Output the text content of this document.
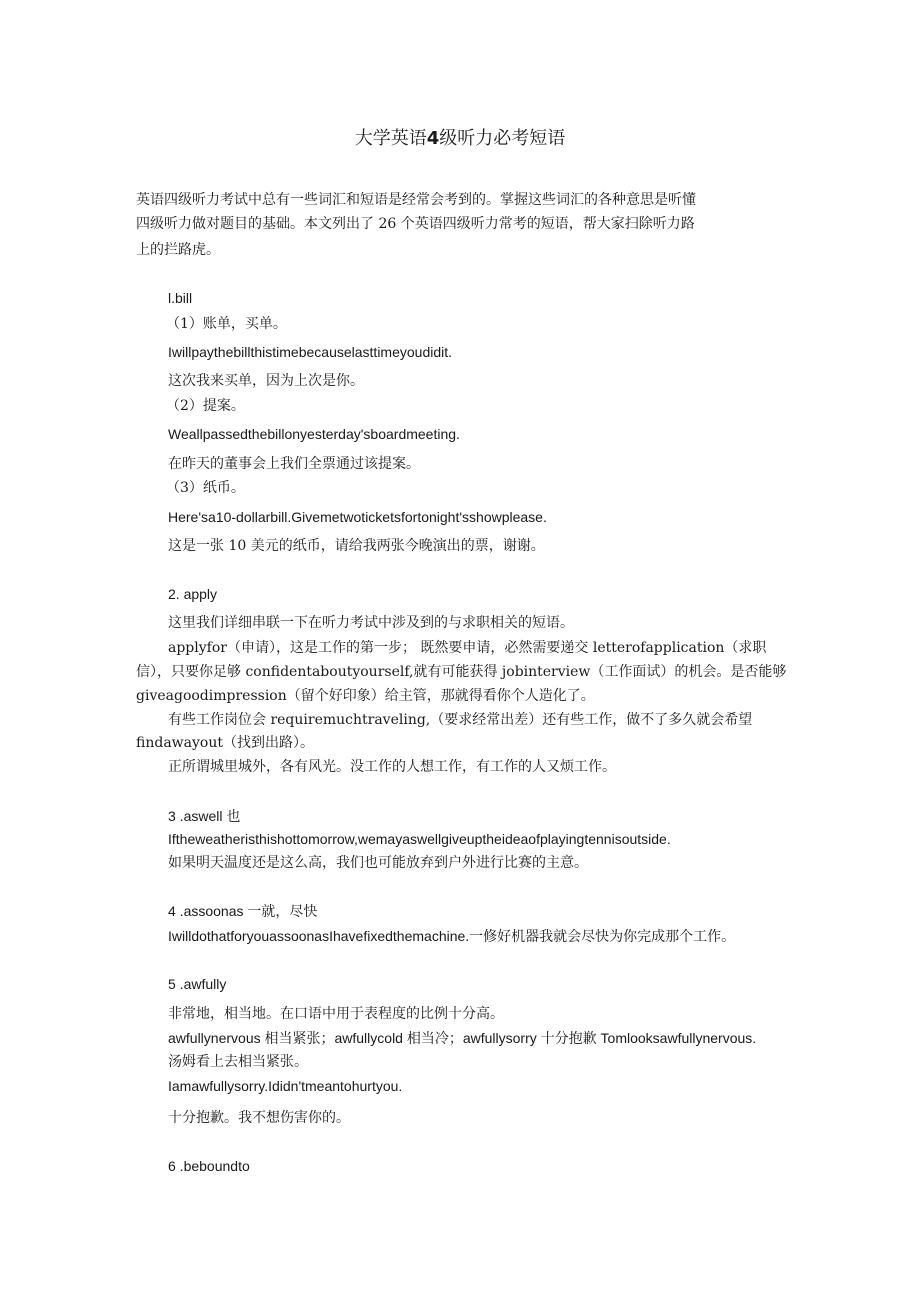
大学英语4级听力必考短语
英语四级听力考试中总有一些词汇和短语是经常会考到的。掌握这些词汇的各种意思是听懂
四级听力做对题目的基础。本文列出了 26 个英语四级听力常考的短语，帮大家扫除听力路
上的拦路虎。
l.bill
（1）账单，买单。
Iwillpaythebillthistimebecauselasttimeyoudidit.
这次我来买单，因为上次是你。
（2）提案。
Weallpassedthebillonyesterday'sboardmeeting.
在昨天的董事会上我们全票通过该提案。
（3）纸币。
Here'sa10-dollarbill.Givemetwoticketsfortonight'sshowplease.
这是一张 10 美元的纸币，请给我两张今晚演出的票，谢谢。
2. apply
这里我们详细串联一下在听力考试中涉及到的与求职相关的短语。
applyfor（申请），这是工作的第一步； 既然要申请，必然需要递交 letterofapplication（求职
信），只要你足够 confidentaboutyourself,就有可能获得 jobinterview（工作面试）的机会。是否能够
giveagoodimpression（留个好印象）给主管，那就得看你个人造化了。
有些工作岗位会 requiremuchtraveling,（要求经常出差）还有些工作，做不了多久就会希望
findawayout（找到出路）。
正所谓城里城外，各有风光。没工作的人想工作，有工作的人又烦工作。
3 .aswell 也
Iftheweatheristhishottomorrow,wemayaswellgiveuptheideaofplayingtennisoutside.
如果明天温度还是这么高，我们也可能放弃到户外进行比赛的主意。
4 .assoonas 一就，尽快
IwilldothatforyouassoonasIhavefixedthemachine.一修好机器我就会尽快为你完成那个工作。
5 .awfully
非常地，相当地。在口语中用于表程度的比例十分高。
awfullynervous 相当紧张；awfullycold 相当冷；awfullysorry 十分抱歉 Tomlooksawfullynervous.
汤姆看上去相当紧张。
Iamawfullysorry.Ididn'tmeantohurtyou.
十分抱歉。我不想伤害你的。
6 .beboundto
